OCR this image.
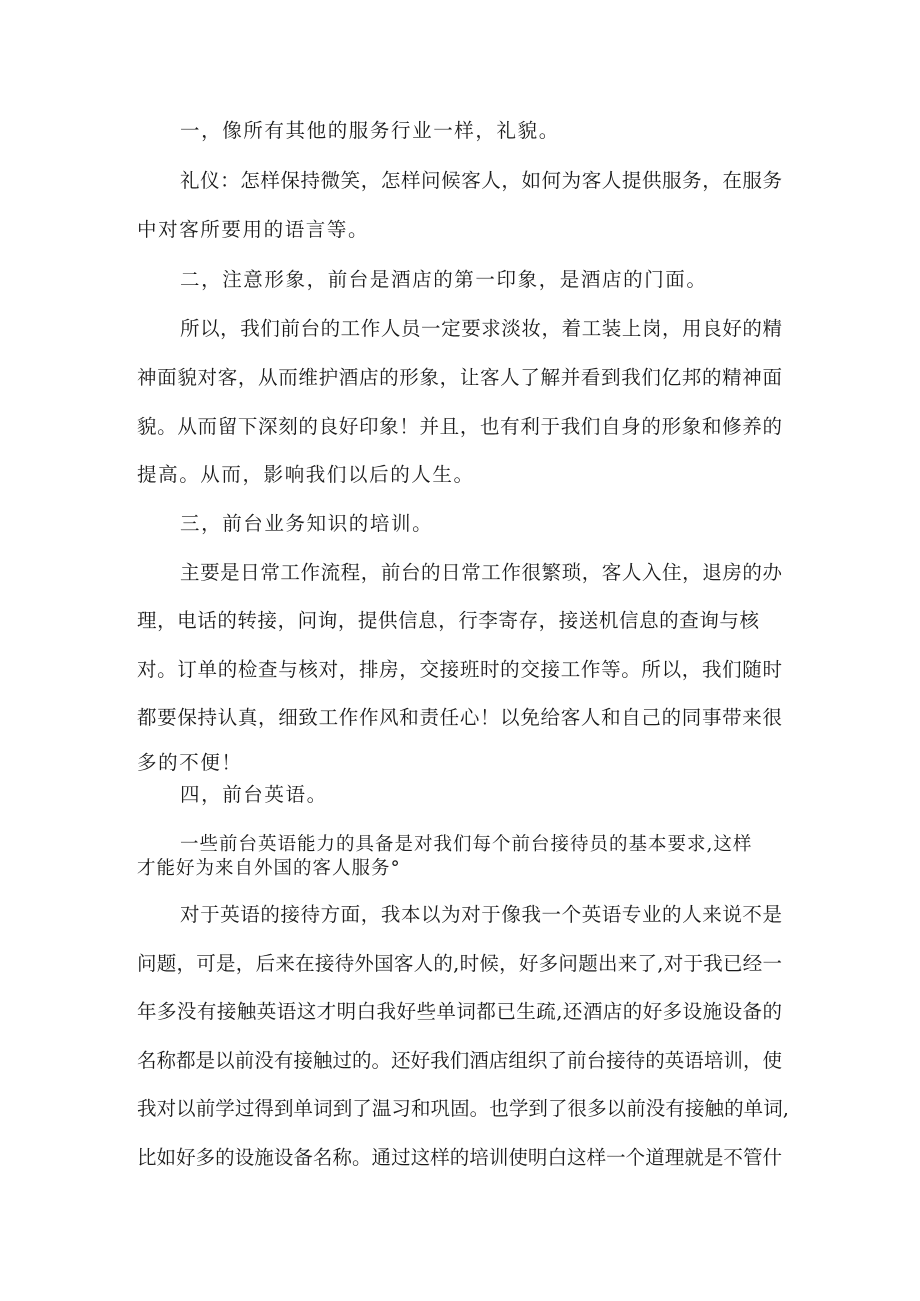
一，像所有其他的服务行业一样，礼貌。
礼仪：怎样保持微笑，怎样问候客人，如何为客人提供服务，在服务
中对客所要用的语言等。
二，注意形象，前台是酒店的第一印象，是酒店的门面。
所以，我们前台的工作人员一定要求淡妆，着工装上岗，用良好的精
神面貌对客，从而维护酒店的形象，让客人了解并看到我们亿邦的精神面
貌。从而留下深刻的良好印象！并且，也有利于我们自身的形象和修养的
提高。从而，影响我们以后的人生。
三，前台业务知识的培训。
主要是日常工作流程，前台的日常工作很繁琐，客人入住，退房的办
理，电话的转接，问询，提供信息，行李寄存，接送机信息的查询与核
对。订单的检查与核对，排房，交接班时的交接工作等。所以，我们随时
都要保持认真，细致工作作风和责任心！以免给客人和自己的同事带来很
多的不便！
四，前台英语。
一些前台英语能力的具备是对我们每个前台接待员的基本要求,这样
才能好为来自外国的客人服务°
对于英语的接待方面，我本以为对于像我一个英语专业的人来说不是
问题，可是，后来在接待外国客人的,时候，好多问题出来了,对于我已经一
年多没有接触英语这才明白我好些单词都已生疏,还酒店的好多设施设备的
名称都是以前没有接触过的。还好我们酒店组织了前台接待的英语培训，使
我对以前学过得到单词到了温习和巩固。也学到了很多以前没有接触的单词,
比如好多的设施设备名称。通过这样的培训使明白这样一个道理就是不管什
